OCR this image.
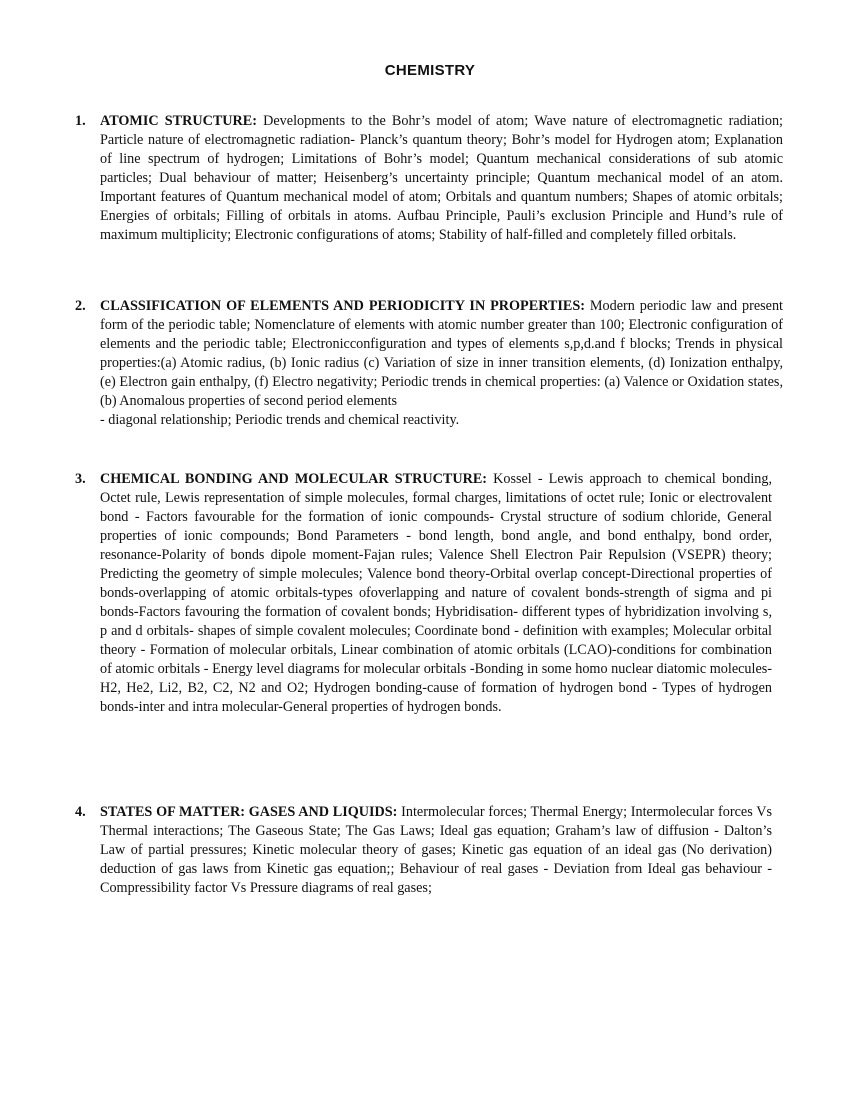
CHEMISTRY
1.	ATOMIC STRUCTURE: Developments to the Bohr’s model of atom; Wave nature of electromagnetic radiation; Particle nature of electromagnetic radiation- Planck’s quantum theory; Bohr’s model for Hydrogen atom; Explanation of line spectrum of hydrogen; Limitations of Bohr’s model; Quantum mechanical considerations of sub atomic particles; Dual behaviour of matter; Heisenberg’s uncertainty principle; Quantum mechanical model of an atom. Important features of Quantum mechanical model of atom; Orbitals and quantum numbers; Shapes of atomic orbitals; Energies of orbitals; Filling of orbitals in atoms. Aufbau Principle, Pauli’s exclusion Principle and Hund’s rule of maximum multiplicity; Electronic configurations of atoms; Stability of half-filled and completely filled orbitals.
2.	CLASSIFICATION OF ELEMENTS AND PERIODICITY IN PROPERTIES: Modern periodic law and present form of the periodic table; Nomenclature of elements with atomic number greater than 100; Electronic configuration of elements and the periodic table; Electronicconfiguration and types of elements s,p,d.and f blocks; Trends in physical properties:(a) Atomic radius, (b) Ionic radius (c) Variation of size in inner transition elements, (d) Ionization enthalpy,(e) Electron gain enthalpy, (f) Electro negativity; Periodic trends in chemical properties: (a) Valence or Oxidation states, (b) Anomalous properties of second period elements
- diagonal relationship; Periodic trends and chemical reactivity.
3.	CHEMICAL BONDING AND MOLECULAR STRUCTURE: Kossel - Lewis approach to chemical bonding, Octet rule, Lewis representation of simple molecules, formal charges, limitations of octet rule; Ionic or electrovalent bond - Factors favourable for the formation of ionic compounds- Crystal structure of sodium chloride, General properties of ionic compounds; Bond Parameters - bond length, bond angle, and bond enthalpy, bond order, resonance-Polarity of bonds dipole moment-Fajan rules; Valence Shell Electron Pair Repulsion (VSEPR) theory; Predicting the geometry of simple molecules; Valence bond theory-Orbital overlap concept-Directional properties of bonds-overlapping of atomic orbitals-types ofoverlapping and nature of covalent bonds-strength of sigma and pi bonds-Factors favouring the formation of covalent bonds; Hybridisation- different types of hybridization involving s, p and d orbitals- shapes of simple covalent molecules; Coordinate bond - definition with examples; Molecular orbital theory - Formation of molecular orbitals, Linear combination of atomic orbitals (LCAO)-conditions for combination of atomic orbitals - Energy level diagrams for molecular orbitals -Bonding in some homo nuclear diatomic molecules- H2, He2, Li2, B2, C2, N2 and O2; Hydrogen bonding-cause of formation of hydrogen bond - Types of hydrogen bonds-inter and intra molecular-General properties of hydrogen bonds.
4.	STATES OF MATTER: GASES AND LIQUIDS: Intermolecular forces; Thermal Energy; Intermolecular forces Vs Thermal interactions; The Gaseous State; The Gas Laws; Ideal gas equation; Graham’s law of diffusion - Dalton’s Law of partial pressures; Kinetic molecular theory of gases; Kinetic gas equation of an ideal gas (No derivation) deduction of gas laws from Kinetic gas equation;; Behaviour of real gases - Deviation from Ideal gas behaviour - Compressibility factor Vs Pressure diagrams of real gases;
